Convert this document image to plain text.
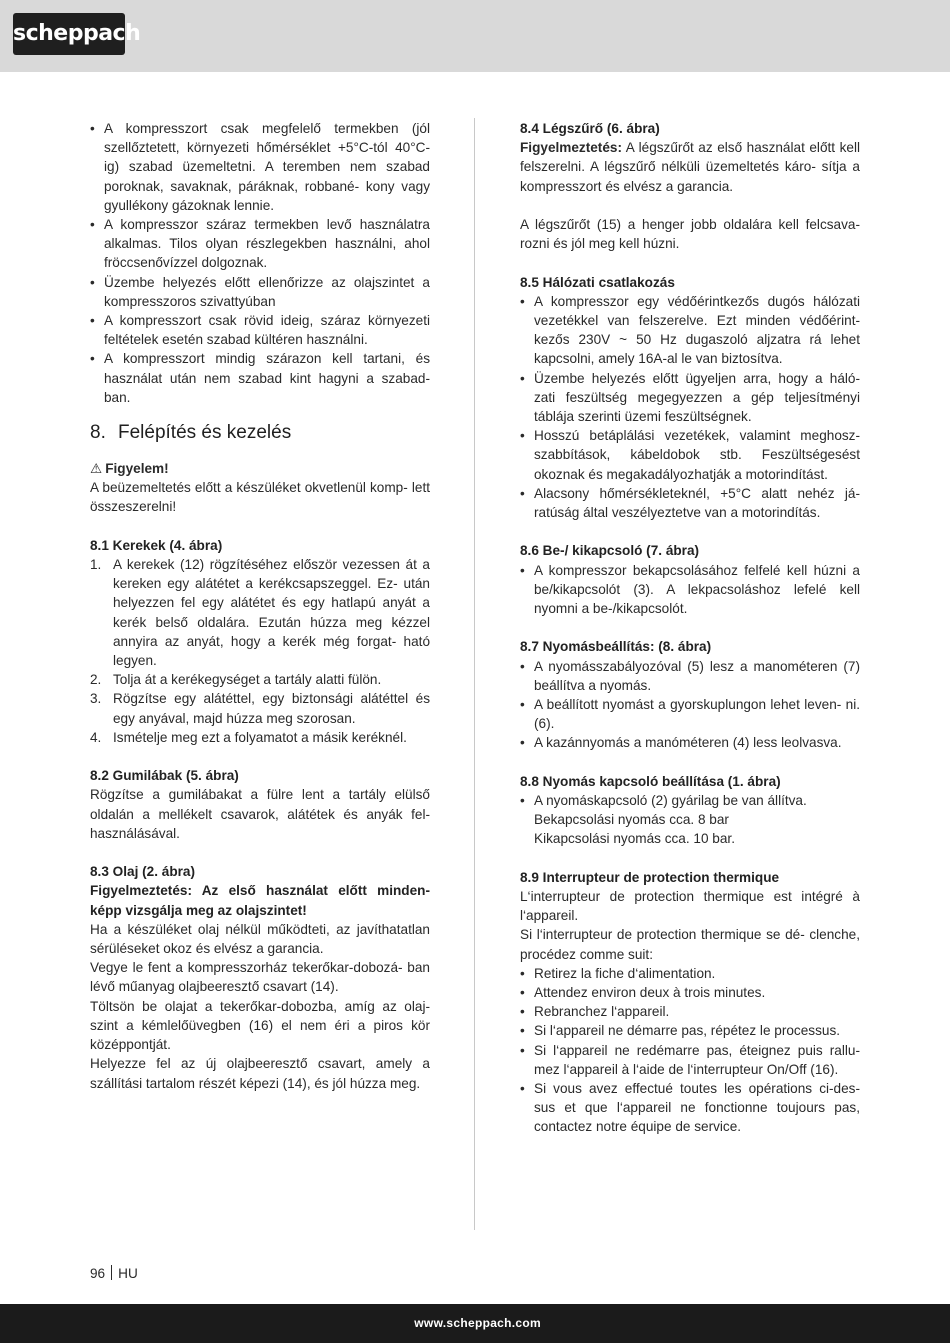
scheppach
• A kompresszort csak megfelelő termekben (jól szellőztetett, környezeti hőmérséklet +5°C-tól 40°C-ig) szabad üzemeltetni. A teremben nem szabad poroknak, savaknak, páráknak, robbané- kony vagy gyullékony gázoknak lennie.
• A kompresszor száraz termekben levő használatra alkalmas. Tilos olyan részlegekben használni, ahol fröccsenővízzel dolgoznak.
• Üzembe helyezés előtt ellenőrizze az olajszintet a kompresszoros szivattyúban
• A kompresszort csak rövid ideig, száraz környezeti feltételek esetén szabad kültéren használni.
• A kompresszort mindig szárazon kell tartani, és használat után nem szabad kint hagyni a szabad- ban.
8. Felépítés és kezelés

⚠ Figyelem!

A beüzemeltetés előtt a készüléket okvetlenül komp- lett összeszerelni!

8.1 Kerekek (4. ábra)

1. A kerekek (12) rögzítéséhez először vezessen át a kereken egy alátétet a kerékcsapszeggel. Ez- után helyezzen fel egy alátétet és egy hatlapú anyát a kerék belső oldalára. Ezután húzza meg kézzel annyira az anyát, hogy a kerék még forgat- ható legyen.
2. Tolja át a kerékegységet a tartály alatti fülön.
3. Rögzítse egy alátéttel, egy biztonsági alátéttel és egy anyával, majd húzza meg szorosan.
4. Ismételje meg ezt a folyamatot a másik keréknél.

8.2 Gumilábak (5. ábra)

Rögzítse a gumilábakat a fülre lent a tartály elülső oldalán a mellékelt csavarok, alátétek és anyák fel- használásával.

8.3 Olaj (2. ábra)

Figyelmeztetés: Az első használat előtt minden- képp vizsgálja meg az olajszintet!

Ha a készüléket olaj nélkül működteti, az javíthatatlan sérüléseket okoz és elvész a garancia.

Vegye le fent a kompresszorház tekerőkar-dobozá- ban lévő műanyag olajbeeresztő csavart (14).

Töltsön be olajat a tekerőkar-dobozba, amíg az olaj- szint a kémlelőüvegben (16) el nem éri a piros kör középpontját.

Helyezze fel az új olajbeeresztő csavart, amely a szállítási tartalom részét képezi (14), és jól húzza meg.

8.4 Légszűrő (6. ábra)

Figyelmeztetés: A légszűrőt az első használat előtt kell felszerelni. A légszűrő nélküli üzemeltetés káro- sítja a kompresszort és elvész a garancia.

A légszűrőt (15) a henger jobb oldalára kell felcsava- rozni és jól meg kell húzni.

8.5 Hálózati csatlakozás

• A kompresszor egy védőérintkezős dugós hálózati vezetékkel van felszerelve. Ezt minden védőérint- kezős 230V ~ 50 Hz dugaszoló aljzatra rá lehet kapcsolni, amely 16A-al le van biztosítva.
• Üzembe helyezés előtt ügyeljen arra, hogy a háló- zati feszültség megegyezzen a gép teljesítményi táblája szerinti üzemi feszültségnek.
• Hosszú betáplálási vezetékek, valamint meghosz- szabbítások, kábeldobok stb. Feszültségesést okoznak és megakadályozhatják a motorindítást.
• Alacsony hőmérsékleteknél, +5°C alatt nehéz já- ratúság által veszélyeztetve van a motorindítás.

8.6 Be-/ kikapcsoló (7. ábra)

• A kompresszor bekapcsolásához felfelé kell húzni a be/kikapcsolót (3). A lekpacsoláshoz lefelé kell nyomni a be-/kikapcsolót.

8.7 Nyomásbeállítás: (8. ábra)

• A nyomásszabályozóval (5) lesz a manométeren (7) beállítva a nyomás.
• A beállított nyomást a gyorskuplungon lehet leven- ni. (6).
• A kazánnyomás a manóméteren (4) less leolvasva.

8.8 Nyomás kapcsoló beállítása (1. ábra)

• A nyomáskapcsoló (2) gyárilag be van állítva.
Bekapcsolási nyomás cca. 8 bar
Kikapcsolási nyomás cca. 10 bar.

8.9 Interrupteur de protection thermique

L‘interrupteur de protection thermique est intégré à l‘appareil.

Si l‘interrupteur de protection thermique se dé- clenche, procédez comme suit:

• Retirez la fiche d‘alimentation.
• Attendez environ deux à trois minutes.
• Rebranchez l‘appareil.
• Si l‘appareil ne démarre pas, répétez le processus.
• Si l‘appareil ne redémarre pas, éteignez puis rallu- mez l‘appareil à l‘aide de l‘interrupteur On/Off (16).
• Si vous avez effectué toutes les opérations ci-des- sus et que l‘appareil ne fonctionne toujours pas, contactez notre équipe de service.
96 HU
www.scheppach.com
